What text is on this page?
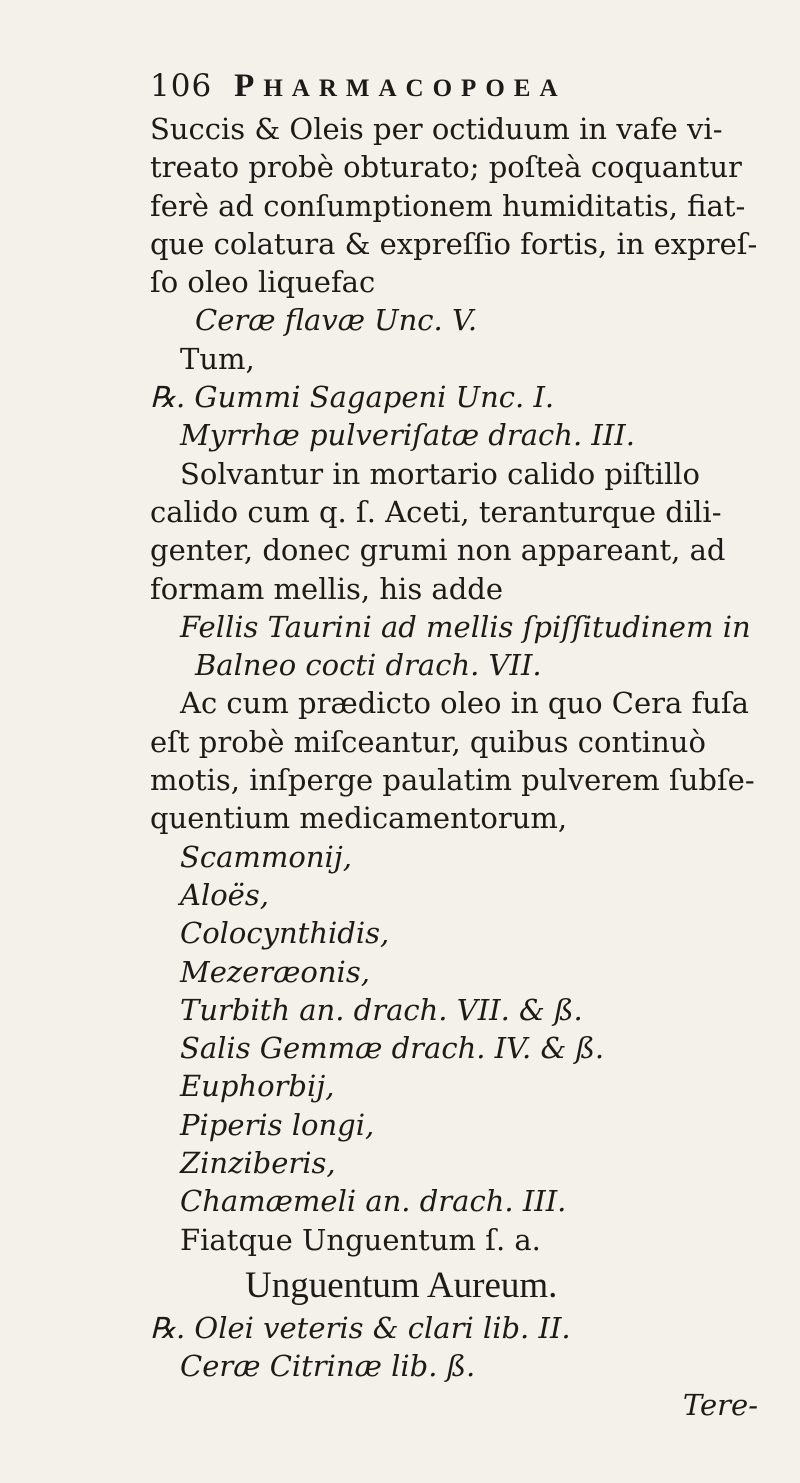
106 PHARMACOPOEA
Succis & Oleis per octiduum in vafe vi-
treato probè obturato; poſteà coquantur
ferè ad conſumptionem humiditatis, fiat-
que colatura & expreſſio fortis, in expreſ-
ſo oleo liquefac
Ceræ flavæ Unc. V.
Tum,
℞. Gummi Sagapeni Unc. I.
Myrrhæ pulveriſatæ drach. III.
Solvantur in mortario calido piſtillo
calido cum q. ſ. Aceti, teranturque dili-
genter, donec grumi non appareant, ad
formam mellis, his adde
Fellis Taurini ad mellis ſpiſſitudinem in
Balneo cocti drach. VII.
Ac cum prædicto oleo in quo Cera fuſa
eſt probè miſceantur, quibus continuò
motis, inſperge paulatim pulverem ſubſe-
quentium medicamentorum,
Scammonij,
Aloës,
Colocynthidis,
Mezeræonis,
Turbith an. drach. VII. & ß.
Salis Gemmæ drach. IV. & ß.
Euphorbij,
Piperis longi,
Zinziberis,
Chamæmeli an. drach. III.
Fiatque Unguentum ſ. a.
Unguentum Aureum.
℞. Olei veteris & clari lib. II.
Ceræ Citrinæ lib. ß.
Tere-
